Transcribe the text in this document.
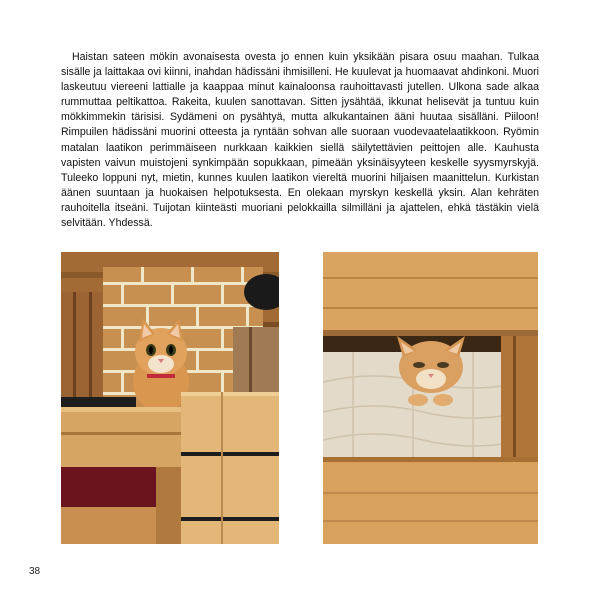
Haistan sateen mökin avonaisesta ovesta jo ennen kuin yksikään pisara osuu maahan. Tulkaa sisälle ja laittakaa ovi kiinni, inahdan hädissäni ihmisilleni. He kuulevat ja huomaavat ahdinkoni. Muori laskeutuu viereeni lattialle ja kaappaa minut kainaloonsa rauhoittavasti jutellen. Ulkona sade alkaa rummuttaa peltikattoa. Rakeita, kuulen sanottavan. Sitten jysähtää, ikkunat helisevät ja tuntuu kuin mökkimmekin tärisisi. Sydämeni on pysähtyä, mutta alkukantainen ääni huutaa sisälläni. Piiloon! Rimpuilen hädissäni muorini otteesta ja ryntään sohvan alle suoraan vuodevaatelaatikkoon. Ryömin matalan laatikon perimmäiseen nurkkaan kaikkien siellä säilytettävien peittojen alle. Kauhusta vapisten vaivun muistojeni synkimpään sopukkaan, pimeään yksinäisyyteen keskelle syysmyrskyjä. Tuleeko loppuni nyt, mietin, kunnes kuulen laatikon viereltä muorini hiljaisen maanittelun. Kurkistan äänen suuntaan ja huokaisen helpotuksesta. En olekaan myrskyn keskellä yksin. Alan kehräten rauhoitella itseäni. Tuijotan kiinteästi muoriani pelokkailla silmilläni ja ajattelen, ehkä tästäkin vielä selvitään. Yhdessä.

38
